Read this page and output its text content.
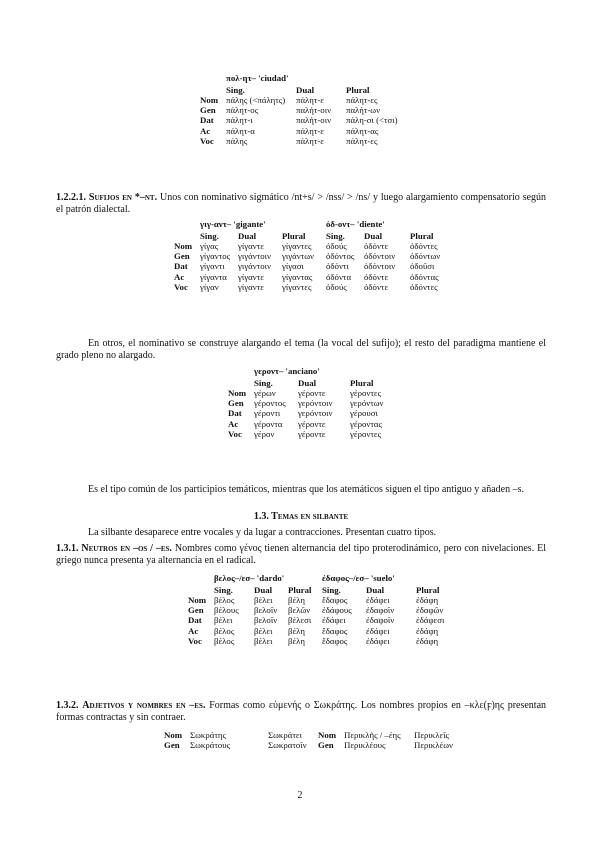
	πολ-ητ– 'ciudad'		
	Sing.	Dual	Plural
Nom	πάλης (<πάλητς)	πάλητ-ε	πάλητ-ες
Gen	πάλητ-ος	παλήτ-οιν	παλήτ-ων
Dat	πάλητ-ι	παλήτ-οιν	πάλη-σι (<τσι)
Ac	πάλητ-α	πάλητ-ε	πάλητ-ας
Voc	πάλης	πάλητ-ε	πάλητ-ες
1.2.2.1. Sufijos en *–nt. Unos con nominativo sigmático /nt+s/ > /nss/ > /ns/ y luego alargamiento compensatorio según el patrón dialectal.
	γιγ-αντ– 'gigante'			ὀδ-οντ– 'diente'		
	Sing.	Dual	Plural	Sing.	Dual	Plural
Nom	γίγας	γίγαντε	γίγαντες	ὀδούς	ὀδόντε	ὀδόντες
Gen	γίγαντος	γιγάντοιν	γιγάντων	ὀδόντος	ὀδόντοιν	ὀδόντων
Dat	γίγαντι	γιγάντοιν	γίγασι	ὀδόντι	ὀδόντοιν	ὀδοῦσι
Ac	γίγαντα	γίγαντε	γίγαντας	ὀδόντα	ὀδόντε	ὀδόντας
Voc	γίγαν	γίγαντε	γίγαντες	ὀδούς	ὀδόντε	ὀδόντες
En otros, el nominativo se construye alargando el tema (la vocal del sufijo); el resto del paradigma mantiene el grado pleno no alargado.
	γεροντ– 'anciano'		
	Sing.	Dual	Plural
Nom	γέρων	γέροντε	γέροντες
Gen	γέροντος	γερόντοιν	γερόντων
Dat	γέροντι	γερόντοιν	γέρουσι
Ac	γέροντα	γέροντε	γέροντας
Voc	γέρον	γέροντε	γέροντες
Es el tipo común de los participios temáticos, mientras que los atemáticos siguen el tipo antiguo y añaden –s.
1.3. Temas en silbante
La silbante desaparece entre vocales y da lugar a contracciones. Presentan cuatro tipos.
1.3.1. Neutros en –os / –es. Nombres como γένος tienen alternancia del tipo proterodinámico, pero con nivelaciones. El griego nunca presenta ya alternancia en el radical.
	βελος–/εσ– 'dardo'			ἐδαφος–/εσ– 'suelo'		
	Sing.	Dual	Plural	Sing.	Dual	Plural
Nom	βέλος	βέλει	βέλη	ἔδαφος	ἐδάφει	ἐδάφη
Gen	βέλους	βελοῖν	βελῶν	ἐδάφους	ἐδαφοῖν	ἐδαφῶν
Dat	βέλει	βελοῖν	βέλεσι	ἐδάφει	ἐδαφοῖν	ἐδάφεσι
Ac	βέλος	βέλει	βέλη	ἔδαφος	ἐδάφει	ἐδάφη
Voc	βέλος	βέλει	βέλη	ἔδαφος	ἐδάφει	ἐδάφη
1.3.2. Adjetivos y nombres en –es. Formas como εὐμενής o Σωκράτης. Los nombres propios en –κλε(ϝ)ης presentan formas contractas y sin contraer.
Nom	Σωκράτης	Σωκράτει	Nom	Περικλῆς / –έης	Περικλεῖς
Gen	Σωκράτους	Σωκρατοῖν	Gen	Περικλέους	Περικλέων
2
